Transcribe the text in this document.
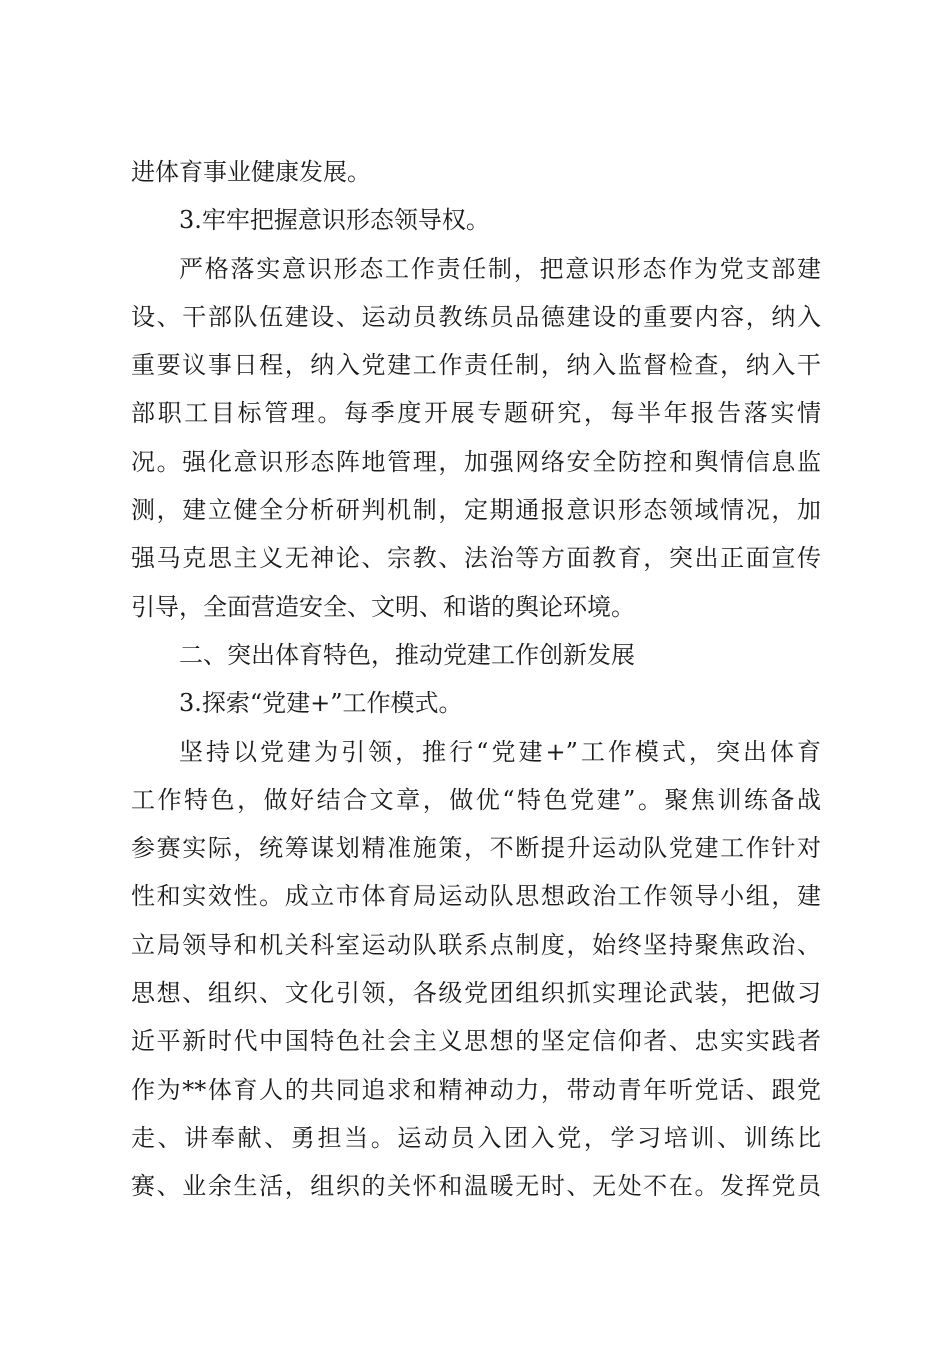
进体育事业健康发展。
3.牢牢把握意识形态领导权。
严格落实意识形态工作责任制，把意识形态作为党支部建
设、干部队伍建设、运动员教练员品德建设的重要内容，纳入
重要议事日程，纳入党建工作责任制，纳入监督检查，纳入干
部职工目标管理。每季度开展专题研究，每半年报告落实情
况。强化意识形态阵地管理，加强网络安全防控和舆情信息监
测，建立健全分析研判机制，定期通报意识形态领域情况，加
强马克思主义无神论、宗教、法治等方面教育，突出正面宣传
引导，全面营造安全、文明、和谐的舆论环境。
二、突出体育特色，推动党建工作创新发展
3.探索“党建+”工作模式。
坚持以党建为引领，推行“党建+”工作模式，突出体育
工作特色，做好结合文章，做优“特色党建”。聚焦训练备战
参赛实际，统筹谋划精准施策，不断提升运动队党建工作针对
性和实效性。成立市体育局运动队思想政治工作领导小组，建
立局领导和机关科室运动队联系点制度，始终坚持聚焦政治、
思想、组织、文化引领，各级党团组织抓实理论武装，把做习
近平新时代中国特色社会主义思想的坚定信仰者、忠实实践者
作为**体育人的共同追求和精神动力，带动青年听党话、跟党
走、讲奉献、勇担当。运动员入团入党，学习培训、训练比
赛、业余生活，组织的关怀和温暖无时、无处不在。发挥党员
